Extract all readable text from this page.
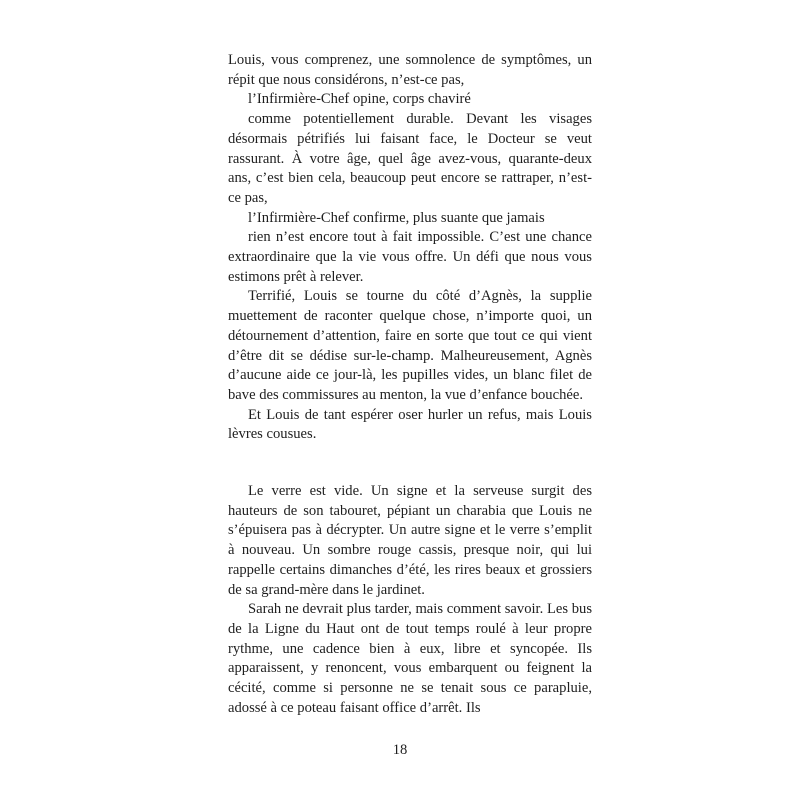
Louis, vous comprenez, une somnolence de symptômes, un répit que nous considérons, n’est-ce pas,

l’Infirmière-Chef opine, corps chaviré

comme potentiellement durable. Devant les visages désormais pétrifiés lui faisant face, le Docteur se veut rassurant. À votre âge, quel âge avez-vous, quarante-deux ans, c’est bien cela, beaucoup peut encore se rattraper, n’est-ce pas,

l’Infirmière-Chef confirme, plus suante que jamais

rien n’est encore tout à fait impossible. C’est une chance extraordinaire que la vie vous offre. Un défi que nous vous estimons prêt à relever.

Terrifié, Louis se tourne du côté d’Agnès, la supplie muettement de raconter quelque chose, n’importe quoi, un détournement d’attention, faire en sorte que tout ce qui vient d’être dit se dédise sur-le-champ. Malheureusement, Agnès d’aucune aide ce jour-là, les pupilles vides, un blanc filet de bave des commissures au menton, la vue d’enfance bouchée.

Et Louis de tant espérer oser hurler un refus, mais Louis lèvres cousues.

Le verre est vide. Un signe et la serveuse surgit des hauteurs de son tabouret, pépiant un charabia que Louis ne s’épuisera pas à décrypter. Un autre signe et le verre s’emplit à nouveau. Un sombre rouge cassis, presque noir, qui lui rappelle certains dimanches d’été, les rires beaux et grossiers de sa grand-mère dans le jardinet.

Sarah ne devrait plus tarder, mais comment savoir. Les bus de la Ligne du Haut ont de tout temps roulé à leur propre rythme, une cadence bien à eux, libre et syncopée. Ils apparaissent, y renoncent, vous embarquent ou feignent la cécité, comme si personne ne se tenait sous ce parapluie, adossé à ce poteau faisant office d’arrêt. Ils

18
